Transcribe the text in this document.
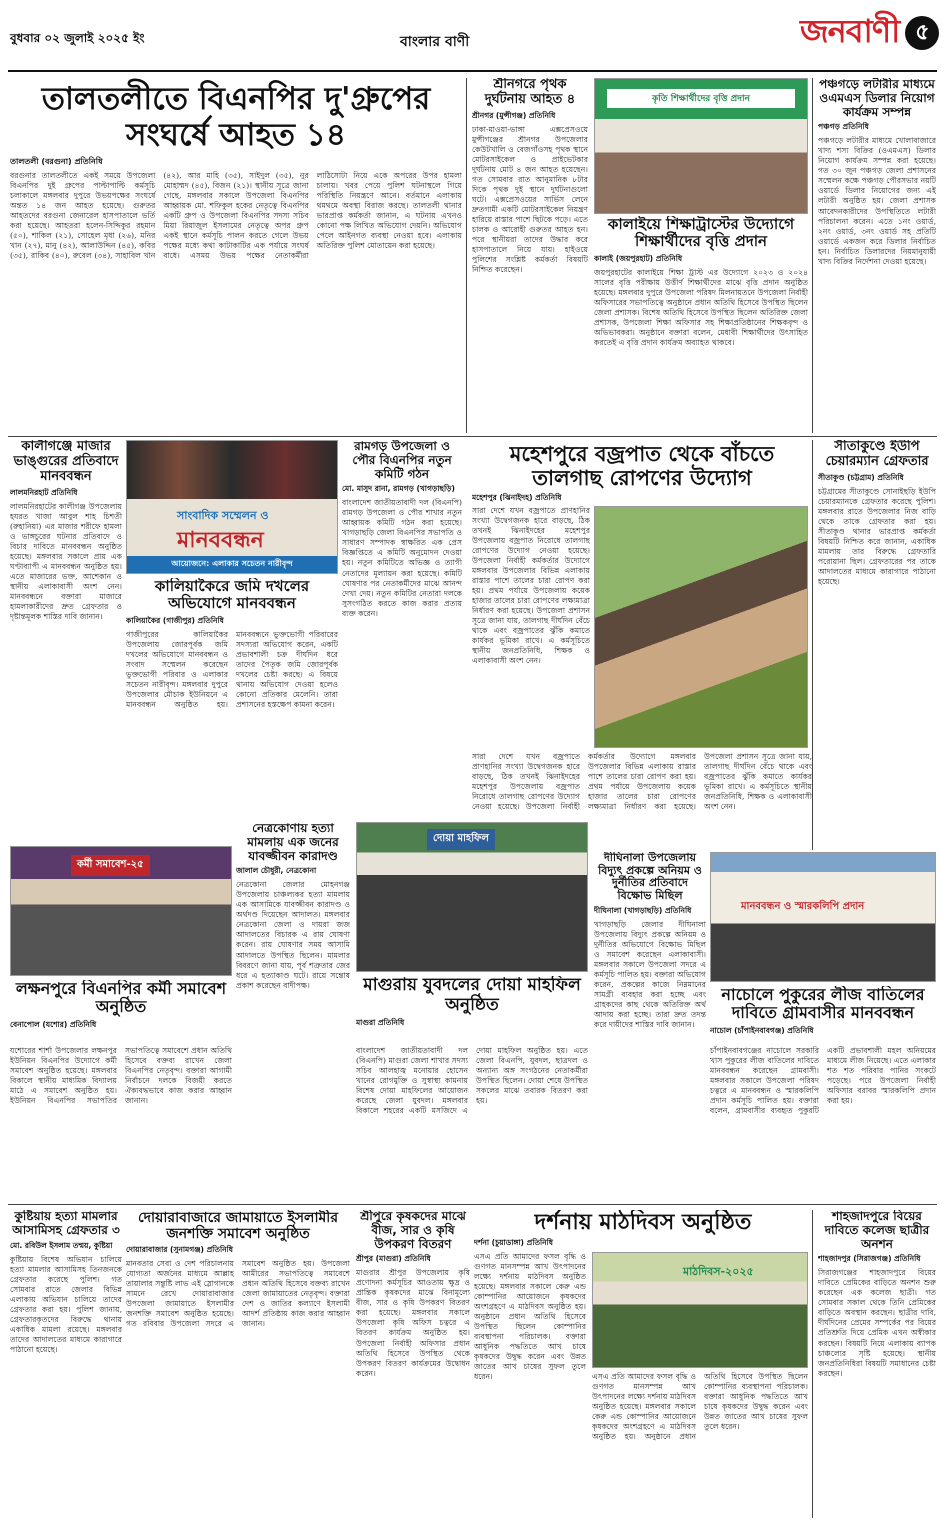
বুধবার ০২ জুলাই ২০২৫ ইং	বাংলার বাণী	জনবাণী ৫
তালতলীতে বিএনপির দু'গ্রুপের সংঘর্ষে আহত ১৪
তালতলী (বরগুনা) প্রতিনিধি
বরগুনার তালতলীতে একই সময়ে উপজেলা বিএনপির দুই গ্রুপের পাল্টাপাল্টি কর্মসূচি চলাকালে মঙ্গলবার দুপুরে উভয়পক্ষের সংঘর্ষে অন্তত ১৪ জন আহত হয়েছে। গুরুতর আহতদের বরগুনা জেনারেল হাসপাতালে ভর্তি করা হয়েছে। আহতরা হলেন-সিদ্দিকুর রহমান (৫০), শাকিল (২১), সোহেল মৃধা (২৬), মনির খান (২৭), মানু (৪২), আলাউদ্দিন (৪৫), কবির (৩৫), রাকিব (৪০), রুবেল (৩৪), সাহাবিল খান (৪২), আর মাহি (৩৫), সাইদুল (৩৫), নুর মোহাম্মদ (৪৫), বিজন (২১)। স্থানীয় সূত্রে জানা গেছে, মঙ্গলবার সকালে উপজেলা বিএনপির আহ্বায়ক মো. শফিকুল হকের নেতৃত্বে বিএনপির একটি গ্রুপ ও উপজেলা বিএনপির সদস্য সচিব মিয়া রিয়াজুল ইসলামের নেতৃত্বে অপর গ্রুপ একই স্থানে কর্মসূচি পালন করতে গেলে উভয় পক্ষের মধ্যে কথা কাটাকাটির এক পর্যায়ে সংঘর্ষ বাধে। এসময় উভয় পক্ষের নেতাকর্মীরা লাঠিসোটা নিয়ে একে অপরের উপর হামলা চালায়। খবর পেয়ে পুলিশ ঘটনাস্থলে গিয়ে পরিস্থিতি নিয়ন্ত্রণে আনে। বর্তমানে এলাকায় থমথমে অবস্থা বিরাজ করছে। তালতলী থানার ভারপ্রাপ্ত কর্মকর্তা জানান, এ ঘটনায় এখনও কোনো পক্ষ লিখিত অভিযোগ দেয়নি। অভিযোগ পেলে আইনগত ব্যবস্থা নেওয়া হবে। এলাকায় অতিরিক্ত পুলিশ মোতায়েন করা হয়েছে।
শ্রীনগরে পৃথক দুর্ঘটনায় আহত ৪
শ্রীনগর (মুন্সীগঞ্জ) প্রতিনিধি
ঢাকা-মাওয়া-ভাঙ্গা এক্সপ্রেসওয়ে মুন্সীগঞ্জের শ্রীনগর উপজেলার কেউটখালি ও বেজগাঁওসহ পৃথক স্থানে মোটরসাইকেল ও প্রাইভেটকার দুর্ঘটনায় মোট ৪ জন আহত হয়েছেন। গত সোমবার রাত আনুমানিক ৮টার দিকে পৃথক দুই স্থানে দুর্ঘটনাগুলো ঘটে। এক্সপ্রেসওয়ের সার্ভিস লেনে দ্রুতগামী একটি মোটরসাইকেল নিয়ন্ত্রণ হারিয়ে রাস্তার পাশে ছিটকে পড়ে। এতে চালক ও আরোহী গুরুতর আহত হন। পরে স্থানীয়রা তাদের উদ্ধার করে হাসপাতালে নিয়ে যায়। হাইওয়ে পুলিশের সংশ্লিষ্ট কর্মকর্তা বিষয়টি নিশ্চিত করেছেন।
কৃতি শিক্ষার্থীদের বৃত্তি প্রদান
কালাইয়ে শিক্ষাট্রাস্টের উদ্যোগে শিক্ষার্থীদের বৃত্তি প্রদান
কালাই (জয়পুরহাট) প্রতিনিধি
জয়পুরহাটের কালাইয়ে শিক্ষা ট্রাস্ট এর উদ্যোগে ২০২৩ ও ২০২৪ সালের বৃত্তি পরীক্ষায় উত্তীর্ণ শিক্ষার্থীদের মাঝে বৃত্তি প্রদান অনুষ্ঠিত হয়েছে। মঙ্গলবার দুপুরে উপজেলা পরিষদ মিলনায়তনে উপজেলা নির্বাহী অফিসারের সভাপতিত্বে অনুষ্ঠানে প্রধান অতিথি হিসেবে উপস্থিত ছিলেন জেলা প্রশাসক। বিশেষ অতিথি হিসেবে উপস্থিত ছিলেন অতিরিক্ত জেলা প্রশাসক, উপজেলা শিক্ষা অফিসার সহ শিক্ষাপ্রতিষ্ঠানের শিক্ষকবৃন্দ ও অভিভাবকরা। অনুষ্ঠানে বক্তারা বলেন, মেধাবী শিক্ষার্থীদের উৎসাহিত করতেই এ বৃত্তি প্রদান কার্যক্রম অব্যাহত থাকবে।
পঞ্চগড়ে লটারীর মাধ্যমে ওএমএস ডিলার নিয়োগ কার্যক্রম সম্পন্ন
পঞ্চগড় প্রতিনিধি
পঞ্চগড়ে লটারীর মাধ্যমে খোলাবাজারে খাদ্য শস্য বিক্রির (ওএমএস) ডিলার নিয়োগ কার্যক্রম সম্পন্ন করা হয়েছে। গত ৩০ জুন পঞ্চগড় জেলা প্রশাসনের সম্মেলন কক্ষে পঞ্চগড় পৌরসভার নয়টি ওয়ার্ডে ডিলার নিয়োগের জন্য এই লটারী অনুষ্ঠিত হয়। জেলা প্রশাসক আবেদনকারীদের উপস্থিতিতে লটারী পরিচালনা করেন। এতে ১নং ওয়ার্ড, ২নং ওয়ার্ড, ৩নং ওয়ার্ড সহ প্রতিটি ওয়ার্ডে একজন করে ডিলার নির্বাচিত হন। নির্বাচিত ডিলারদের নিয়মানুযায়ী খাদ্য বিক্রির নির্দেশনা দেওয়া হয়েছে।
কালীগঞ্জে মাজার ভাঙ্গুরের প্রতিবাদে মানববন্ধন
লালমনিরহাট প্রতিনিধি
লালমনিরহাটের কালীগঞ্জ উপজেলায় হযরত খাজা আবুল শাহ চিশতী (রুহানিয়া) এর মাজার শরীফে হামলা ও ভাঙ্গচুরের ঘটনার প্রতিবাদে ও বিচার দাবিতে মানববন্ধন অনুষ্ঠিত হয়েছে। মঙ্গলবার সকালে প্রায় এক ঘণ্টাব্যাপী এ মানববন্ধন অনুষ্ঠিত হয়। এতে মাজারের ভক্ত, আশেকান ও স্থানীয় এলাকাবাসী অংশ নেন। মানববন্ধনে বক্তারা মাজারে হামলাকারীদের দ্রুত গ্রেফতার ও দৃষ্টান্তমূলক শাস্তির দাবি জানান।
সাংবাদিক সম্মেলন ও
মানববন্ধন
আয়োজনে: এলাকার সচেতন নারীবৃন্দ
কালিয়াকৈরে জমি দখলের অভিযোগে মানববন্ধন
কালিয়াকৈর (গাজীপুর) প্রতিনিধি
গাজীপুরের কালিয়াকৈর উপজেলায় জোরপূর্বক জমি দখলের অভিযোগে মানববন্ধন ও সংবাদ সম্মেলন করেছেন ভুক্তভোগী পরিবার ও এলাকার সচেতন নারীবৃন্দ। মঙ্গলবার দুপুরে উপজেলার মৌচাক ইউনিয়নে এ মানববন্ধন অনুষ্ঠিত হয়। মানববন্ধনে ভুক্তভোগী পরিবারের সদস্যরা অভিযোগ করেন, একটি প্রভাবশালী চক্র দীর্ঘদিন ধরে তাদের পৈতৃক জমি জোরপূর্বক দখলের চেষ্টা করছে। এ বিষয়ে থানায় অভিযোগ দেওয়া হলেও কোনো প্রতিকার মেলেনি। তারা প্রশাসনের হস্তক্ষেপ কামনা করেন।
রামগড় উপজেলা ও পৌর বিএনপির নতুন কমিটি গঠন
মো. মাসুদ রানা, রামগড় (খাগড়াছড়ি)
বাংলাদেশ জাতীয়তাবাদী দল (বিএনপি) রামগড় উপজেলা ও পৌর শাখার নতুন আহ্বায়ক কমিটি গঠন করা হয়েছে। খাগড়াছড়ি জেলা বিএনপির সভাপতি ও সাধারণ সম্পাদক স্বাক্ষরিত এক প্রেস বিজ্ঞপ্তিতে এ কমিটি অনুমোদন দেওয়া হয়। নতুন কমিটিতে অভিজ্ঞ ও ত্যাগী নেতাদের মূল্যায়ন করা হয়েছে। কমিটি ঘোষণার পর নেতাকর্মীদের মাঝে আনন্দ দেখা দেয়। নতুন কমিটির নেতারা দলকে সুসংগঠিত করতে কাজ করার প্রত্যয় ব্যক্ত করেন।
মহেশপুরে বজ্রপাত থেকে বাঁচতে তালগাছ রোপণের উদ্যোগ
মহেশপুর (ঝিনাইদহ) প্রতিনিধি
সারা দেশে যখন বজ্রপাতে প্রাণহানির সংখ্যা উদ্বেগজনক হারে বাড়ছে, ঠিক তখনই ঝিনাইদহের মহেশপুর উপজেলায় বজ্রপাত নিরোধে তালগাছ রোপণের উদ্যোগ নেওয়া হয়েছে। উপজেলা নির্বাহী কর্মকর্তার উদ্যোগে মঙ্গলবার উপজেলার বিভিন্ন এলাকায় রাস্তার পাশে তালের চারা রোপণ করা হয়। প্রথম পর্যায়ে উপজেলায় কয়েক হাজার তালের চারা রোপণের লক্ষ্যমাত্রা নির্ধারণ করা হয়েছে। উপজেলা প্রশাসন সূত্রে জানা যায়, তালগাছ দীর্ঘদিন বেঁচে থাকে এবং বজ্রপাতের ঝুঁকি কমাতে কার্যকর ভূমিকা রাখে। এ কর্মসূচিতে স্থানীয় জনপ্রতিনিধি, শিক্ষক ও এলাকাবাসী অংশ নেন।
সারা দেশে যখন বজ্রপাতে প্রাণহানির সংখ্যা উদ্বেগজনক হারে বাড়ছে, ঠিক তখনই ঝিনাইদহের মহেশপুর উপজেলায় বজ্রপাত নিরোধে তালগাছ রোপণের উদ্যোগ নেওয়া হয়েছে। উপজেলা নির্বাহী কর্মকর্তার উদ্যোগে মঙ্গলবার উপজেলার বিভিন্ন এলাকায় রাস্তার পাশে তালের চারা রোপণ করা হয়। প্রথম পর্যায়ে উপজেলায় কয়েক হাজার তালের চারা রোপণের লক্ষ্যমাত্রা নির্ধারণ করা হয়েছে। উপজেলা প্রশাসন সূত্রে জানা যায়, তালগাছ দীর্ঘদিন বেঁচে থাকে এবং বজ্রপাতের ঝুঁকি কমাতে কার্যকর ভূমিকা রাখে। এ কর্মসূচিতে স্থানীয় জনপ্রতিনিধি, শিক্ষক ও এলাকাবাসী অংশ নেন।
সীতাকুণ্ডে ইউপি চেয়ারম্যান গ্রেফতার
সীতাকুণ্ড (চট্টগ্রাম) প্রতিনিধি
চট্টগ্রামের সীতাকুণ্ডে সোনাইছড়ি ইউপি চেয়ারম্যানকে গ্রেফতার করেছে পুলিশ। মঙ্গলবার রাতে উপজেলার নিজ বাড়ি থেকে তাকে গ্রেফতার করা হয়। সীতাকুণ্ড থানার ভারপ্রাপ্ত কর্মকর্তা বিষয়টি নিশ্চিত করে জানান, একাধিক মামলায় তার বিরুদ্ধে গ্রেফতারি পরোয়ানা ছিল। গ্রেফতারের পর তাকে আদালতের মাধ্যমে কারাগারে পাঠানো হয়েছে।
কর্মী সমাবেশ-২৫
নেত্রকোণায় হত্যা মামলায় এক জনের যাবজ্জীবন কারাদণ্ড
জালাল চৌধুরী, নেত্রকোনা
নেত্রকোনা জেলার মোহনগঞ্জ উপজেলায় চাঞ্চল্যকর হত্যা মামলায় এক আসামিকে যাবজ্জীবন কারাদণ্ড ও অর্থদণ্ড দিয়েছেন আদালত। মঙ্গলবার নেত্রকোনা জেলা ও দায়রা জজ আদালতের বিচারক এ রায় ঘোষণা করেন। রায় ঘোষণার সময় আসামি আদালতে উপস্থিত ছিলেন। মামলার বিবরণে জানা যায়, পূর্ব শত্রুতার জের ধরে এ হত্যাকাণ্ড ঘটে। রায়ে সন্তোষ প্রকাশ করেছেন বাদীপক্ষ।
দোয়া মাহফিল
দীঘিনালা উপজেলায় বিদ্যুৎ প্রকল্পে অনিয়ম ও দুর্নীতির প্রতিবাদে বিক্ষোভ মিছিল
দীঘিনালা (খাগড়াছড়ি) প্রতিনিধি
খাগড়াছড়ি জেলার দীঘিনালা উপজেলায় বিদ্যুৎ প্রকল্পে অনিয়ম ও দুর্নীতির অভিযোগে বিক্ষোভ মিছিল ও সমাবেশ করেছেন এলাকাবাসী। মঙ্গলবার সকালে উপজেলা সদরে এ কর্মসূচি পালিত হয়। বক্তারা অভিযোগ করেন, প্রকল্পের কাজে নিম্নমানের সামগ্রী ব্যবহার করা হচ্ছে এবং গ্রাহকদের কাছ থেকে অতিরিক্ত অর্থ আদায় করা হচ্ছে। তারা দ্রুত তদন্ত করে দায়ীদের শাস্তির দাবি জানান।
মানববন্ধন ও স্মারকলিপি প্রদান
লক্ষনপুরে বিএনপির কর্মী সমাবেশ অনুষ্ঠিত
বেনাপোল (যশোর) প্রতিনিধি
মাগুরায় যুবদলের দোয়া মাহফিল অনুষ্ঠিত
মাগুরা প্রতিনিধি
নাচোলে পুকুরের লীজ বাতিলের দাবিতে গ্রামবাসীর মানববন্ধন
নাচোল (চাঁপাইনবাবগঞ্জ) প্রতিনিধি
যশোরের শার্শা উপজেলার লক্ষনপুর ইউনিয়ন বিএনপির উদ্যোগে কর্মী সমাবেশ অনুষ্ঠিত হয়েছে। মঙ্গলবার বিকালে স্থানীয় মাধ্যমিক বিদ্যালয় মাঠে এ সমাবেশ অনুষ্ঠিত হয়। ইউনিয়ন বিএনপির সভাপতির সভাপতিত্বে সমাবেশে প্রধান অতিথি হিসেবে বক্তব্য রাখেন জেলা বিএনপির নেতৃবৃন্দ। বক্তারা আগামী নির্বাচনে দলকে বিজয়ী করতে ঐক্যবদ্ধভাবে কাজ করার আহ্বান জানান।
বাংলাদেশ জাতীয়তাবাদী দল (বিএনপি) মাগুরা জেলা শাখার সদস্য সচিব আলহাজ্ব মনোয়ার হোসেন খানের রোগমুক্তি ও সুস্বাস্থ্য কামনায় বিশেষ দোয়া মাহফিলের আয়োজন করেছে জেলা যুবদল। মঙ্গলবার বিকালে শহরের একটি মসজিদে এ দোয়া মাহফিল অনুষ্ঠিত হয়। এতে জেলা বিএনপি, যুবদল, ছাত্রদল ও অন্যান্য অঙ্গ সংগঠনের নেতাকর্মীরা উপস্থিত ছিলেন। দোয়া শেষে উপস্থিত সকলের মাঝে তবারক বিতরণ করা হয়।
চাঁপাইনবাবগঞ্জের নাচোলে সরকারি খাস পুকুরের লীজ বাতিলের দাবিতে মানববন্ধন করেছেন গ্রামবাসী। মঙ্গলবার সকালে উপজেলা পরিষদ চত্বরে এ মানববন্ধন ও স্মারকলিপি প্রদান কর্মসূচি পালিত হয়। বক্তারা বলেন, গ্রামবাসীর ব্যবহৃত পুকুরটি একটি প্রভাবশালী মহল অনিয়মের মাধ্যমে লীজ নিয়েছে। এতে এলাকার শত শত পরিবার পানির সংকটে পড়েছে। পরে উপজেলা নির্বাহী অফিসার বরাবর স্মারকলিপি প্রদান করা হয়।
কুষ্টিয়ায় হত্যা মামলার আসামিসহ গ্রেফতার ৩
মো. রবিউল ইসলাম তন্ময়, কুষ্টিয়া
কুষ্টিয়ায় বিশেষ অভিযান চালিয়ে হত্যা মামলার আসামিসহ তিনজনকে গ্রেফতার করেছে পুলিশ। গত সোমবার রাতে জেলার বিভিন্ন এলাকায় অভিযান চালিয়ে তাদের গ্রেফতার করা হয়। পুলিশ জানায়, গ্রেফতারকৃতদের বিরুদ্ধে থানায় একাধিক মামলা রয়েছে। মঙ্গলবার তাদের আদালতের মাধ্যমে কারাগারে পাঠানো হয়েছে।
দোয়ারাবাজারে জামায়াতে ইসলামীর জনশক্তি সমাবেশ অনুষ্ঠিত
দোয়ারাবাজার (সুনামগঞ্জ) প্রতিনিধি
মানবতার সেবা ও দেশ পরিচালনায় যোগ্যতা অর্জনের মাধ্যমে আল্লাহ তায়ালার সন্তুষ্টি লাভ এই স্লোগানকে সামনে রেখে দোয়ারাবাজার উপজেলা জামায়াতে ইসলামীর জনশক্তি সমাবেশ অনুষ্ঠিত হয়েছে। গত রবিবার উপজেলা সদরে এ সমাবেশ অনুষ্ঠিত হয়। উপজেলা আমীরের সভাপতিত্বে সমাবেশে প্রধান অতিথি হিসেবে বক্তব্য রাখেন জেলা জামায়াতের নেতৃবৃন্দ। বক্তারা দেশ ও জাতির কল্যাণে ইসলামী আদর্শ প্রতিষ্ঠায় কাজ করার আহ্বান জানান।
শ্রীপুরে কৃষকদের মাঝে বীজ, সার ও কৃষি উপকরণ বিতরণ
শ্রীপুর (মাগুরা) প্রতিনিধি
মাগুরার শ্রীপুর উপজেলায় কৃষি প্রণোদনা কর্মসূচির আওতায় ক্ষুদ্র ও প্রান্তিক কৃষকদের মাঝে বিনামূল্যে বীজ, সার ও কৃষি উপকরণ বিতরণ করা হয়েছে। মঙ্গলবার সকালে উপজেলা কৃষি অফিস চত্বরে এ বিতরণ কার্যক্রম অনুষ্ঠিত হয়। উপজেলা নির্বাহী অফিসার প্রধান অতিথি হিসেবে উপস্থিত থেকে উপকরণ বিতরণ কার্যক্রমের উদ্বোধন করেন।
দর্শনায় মাঠদিবস অনুষ্ঠিত
দর্শনা (চুয়াডাঙ্গা) প্রতিনিধি
এসএ প্রতি আমাদের ফসল বৃদ্ধি ও গুণগত মানসম্পন্ন আখ উৎপাদনের লক্ষ্যে দর্শনায় মাঠদিবস অনুষ্ঠিত হয়েছে। মঙ্গলবার সকালে কেরু এন্ড কোম্পানির আয়োজনে কৃষকদের অংশগ্রহণে এ মাঠদিবস অনুষ্ঠিত হয়। অনুষ্ঠানে প্রধান অতিথি হিসেবে উপস্থিত ছিলেন কোম্পানির ব্যবস্থাপনা পরিচালক। বক্তারা আধুনিক পদ্ধতিতে আখ চাষে কৃষকদের উদ্বুদ্ধ করেন এবং উন্নত জাতের আখ চাষের সুফল তুলে ধরেন।
মাঠদিবস-২০২৫
এসএ প্রতি আমাদের ফসল বৃদ্ধি ও গুণগত মানসম্পন্ন আখ উৎপাদনের লক্ষ্যে দর্শনায় মাঠদিবস অনুষ্ঠিত হয়েছে। মঙ্গলবার সকালে কেরু এন্ড কোম্পানির আয়োজনে কৃষকদের অংশগ্রহণে এ মাঠদিবস অনুষ্ঠিত হয়। অনুষ্ঠানে প্রধান অতিথি হিসেবে উপস্থিত ছিলেন কোম্পানির ব্যবস্থাপনা পরিচালক। বক্তারা আধুনিক পদ্ধতিতে আখ চাষে কৃষকদের উদ্বুদ্ধ করেন এবং উন্নত জাতের আখ চাষের সুফল তুলে ধরেন।
শাহজাদপুরে বিয়ের দাবিতে কলেজ ছাত্রীর অনশন
শাহজাদপুর (সিরাজগঞ্জ) প্রতিনিধি
সিরাজগঞ্জের শাহজাদপুরে বিয়ের দাবিতে প্রেমিকের বাড়িতে অনশন শুরু করেছেন এক কলেজ ছাত্রী। গত সোমবার সকাল থেকে তিনি প্রেমিকের বাড়িতে অবস্থান করছেন। ছাত্রীর দাবি, দীর্ঘদিনের প্রেমের সম্পর্কের পর বিয়ের প্রতিশ্রুতি দিয়ে প্রেমিক এখন অস্বীকার করছেন। বিষয়টি নিয়ে এলাকায় ব্যাপক চাঞ্চল্যের সৃষ্টি হয়েছে। স্থানীয় জনপ্রতিনিধিরা বিষয়টি সমাধানের চেষ্টা করছেন।
